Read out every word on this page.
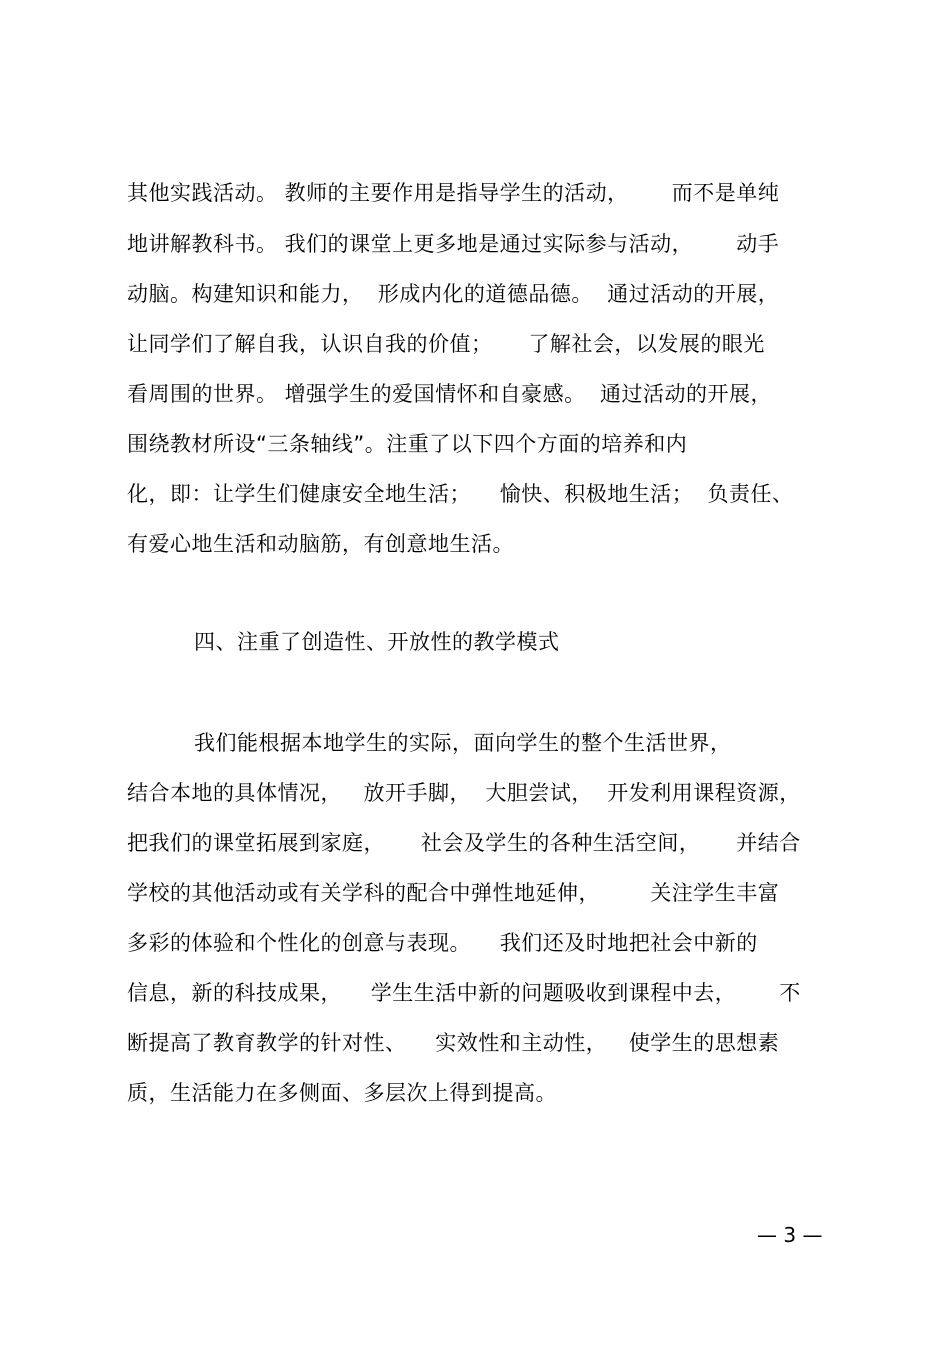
其他实践活动。 教师的主要作用是指导学生的活动，      而不是单纯
地讲解教科书。 我们的课堂上更多地是通过实际参与活动，      动手
动脑。构建知识和能力，  形成内化的道德品德。  通过活动的开展，
让同学们了解自我，认识自我的价值；     了解社会，以发展的眼光
看周围的世界。 增强学生的爱国情怀和自豪感。  通过活动的开展，
围绕教材所设“三条轴线”。注重了以下四个方面的培养和内
化，即：让学生们健康安全地生活；    愉快、积极地生活；  负责任、
有爱心地生活和动脑筋，有创意地生活。
四、注重了创造性、开放性的教学模式
我们能根据本地学生的实际，面向学生的整个生活世界，
结合本地的具体情况，   放开手脚，  大胆尝试，  开发利用课程资源，
把我们的课堂拓展到家庭，     社会及学生的各种生活空间，     并结合
学校的其他活动或有关学科的配合中弹性地延伸，       关注学生丰富
多彩的体验和个性化的创意与表现。    我们还及时地把社会中新的
信息，新的科技成果，    学生生活中新的问题吸收到课程中去，      不
断提高了教育教学的针对性、    实效性和主动性，   使学生的思想素
质，生活能力在多侧面、多层次上得到提高。
— 3 —
